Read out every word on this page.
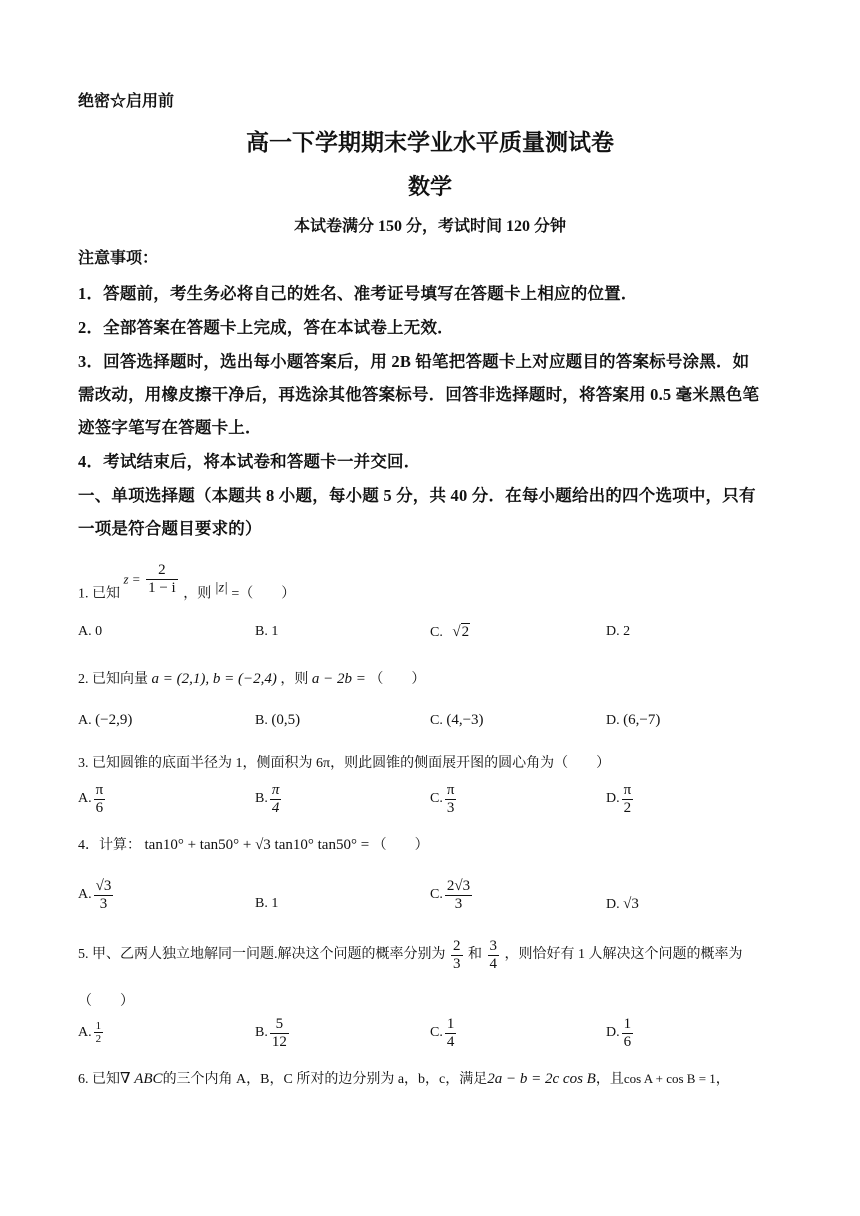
绝密☆启用前
高一下学期期末学业水平质量测试卷
数学
本试卷满分 150 分，考试时间 120 分钟
注意事项：
1．答题前，考生务必将自己的姓名、准考证号填写在答题卡上相应的位置．
2．全部答案在答题卡上完成，答在本试卷上无效．
3．回答选择题时，选出每小题答案后，用 2B 铅笔把答题卡上对应题目的答案标号涂黑．如
需改动，用橡皮擦干净后，再选涂其他答案标号．回答非选择题时，将答案用 0.5 毫米黑色笔
迹签字笔写在答题卡上．
4．考试结束后，将本试卷和答题卡一并交回．
一、单项选择题（本题共 8 小题，每小题 5 分，共 40 分．在每小题给出的四个选项中，只有
一项是符合题目要求的）
1. 已知 $z = \frac{2}{1 - i}$ ，则 |z| =（　　）
A. 0	B. 1	C. √2	D. 2
2. 已知向量 a = (2,1), b = (−2,4) ，则 a − 2b = （　　）
A. (−2,9)	B. (0,5)	C. (4,−3)	D. (6,−7)
3. 已知圆锥的底面半径为 1，侧面积为 6π，则此圆锥的侧面展开图的圆心角为（　　）
A. $\frac{\pi}{6}$	B. $\frac{\pi}{4}$	C. $\frac{\pi}{3}$	D. $\frac{\pi}{2}$
4．计算： tan10° + tan50° + √3 tan10° tan50° = （　　）
A. $\frac{√3}{3}$	B. 1
C. $\frac{2√3}{3}$	D. √3
5. 甲、乙两人独立地解同一问题.解决这个问题的概率分别为 $\frac{2}{3}$ 和 $\frac{3}{4}$ ，则恰好有 1 人解决这个问题的概率为
（　　）
A. $\frac{1}{2}$	B. $\frac{5}{12}$	C. $\frac{1}{4}$	D. $\frac{1}{6}$
6. 已知∇ ABC的三个内角 A，B，C 所对的边分别为 a，b，c，满足2a − b = 2c cos B，且cos A + cos B = 1，
